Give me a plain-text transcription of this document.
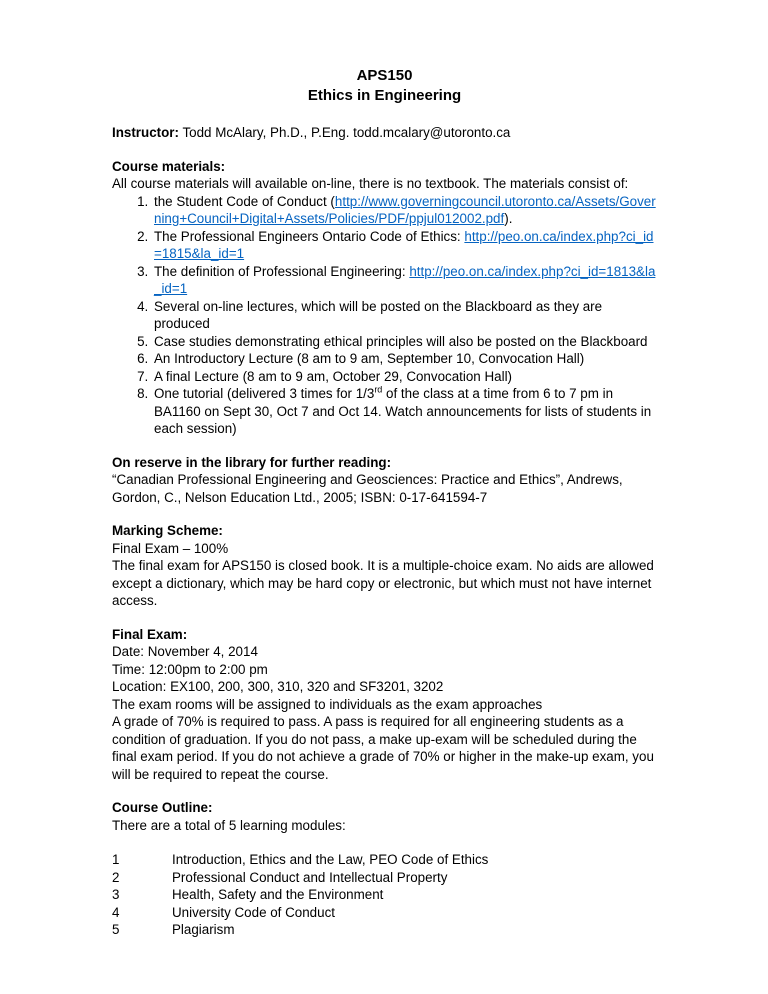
APS150
Ethics in Engineering
Instructor: Todd McAlary, Ph.D., P.Eng. todd.mcalary@utoronto.ca
Course materials:
All course materials will available on-line, there is no textbook. The materials consist of:
1. the Student Code of Conduct (http://www.governingcouncil.utoronto.ca/Assets/Governing+Council+Digital+Assets/Policies/PDF/ppjul012002.pdf).
2. The Professional Engineers Ontario Code of Ethics: http://peo.on.ca/index.php?ci_id=1815&la_id=1
3. The definition of Professional Engineering: http://peo.on.ca/index.php?ci_id=1813&la_id=1
4. Several on-line lectures, which will be posted on the Blackboard as they are produced
5. Case studies demonstrating ethical principles will also be posted on the Blackboard
6. An Introductory Lecture (8 am to 9 am, September 10, Convocation Hall)
7. A final Lecture (8 am to 9 am, October 29, Convocation Hall)
8. One tutorial (delivered 3 times for 1/3rd of the class at a time from 6 to 7 pm in BA1160 on Sept 30, Oct 7 and Oct 14. Watch announcements for lists of students in each session)
On reserve in the library for further reading:
“Canadian Professional Engineering and Geosciences: Practice and Ethics”, Andrews, Gordon, C., Nelson Education Ltd., 2005; ISBN: 0-17-641594-7
Marking Scheme:
Final Exam – 100%
The final exam for APS150 is closed book. It is a multiple-choice exam. No aids are allowed except a dictionary, which may be hard copy or electronic, but which must not have internet access.
Final Exam:
Date: November 4, 2014
Time: 12:00pm to 2:00 pm
Location: EX100, 200, 300, 310, 320 and SF3201, 3202
The exam rooms will be assigned to individuals as the exam approaches
A grade of 70% is required to pass. A pass is required for all engineering students as a condition of graduation. If you do not pass, a make up-exam will be scheduled during the final exam period. If you do not achieve a grade of 70% or higher in the make-up exam, you will be required to repeat the course.
Course Outline:
There are a total of 5 learning modules:
1	Introduction, Ethics and the Law, PEO Code of Ethics
2	Professional Conduct and Intellectual Property
3	Health, Safety and the Environment
4	University Code of Conduct
5	Plagiarism
